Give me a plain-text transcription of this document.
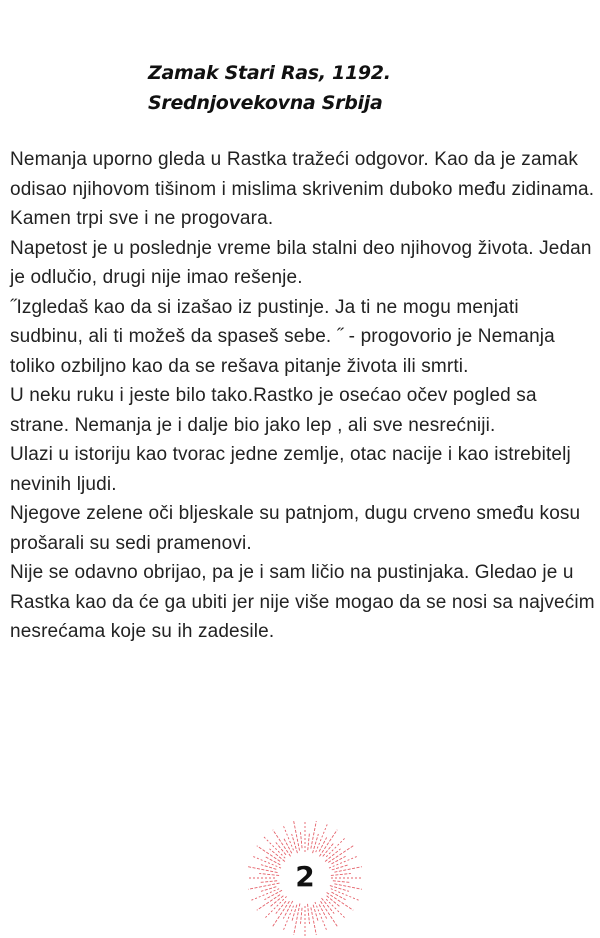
Zamak Stari Ras, 1192.
Srednjovekovna Srbija

Nemanja uporno gleda u Rastka tražeći odgovor. Kao da je zamak odisao njihovom tišinom i mislima skrivenim duboko među zidinama.

Kamen trpi sve i ne progovara.

Napetost je u poslednje vreme bila stalni deo njihovog života. Jedan je odlučio, drugi nije imao rešenje.

˝Izgledaš kao da si izašao iz pustinje. Ja ti ne mogu menjati sudbinu, ali ti možeš da spaseš sebe. ˝ - progovorio je Nemanja toliko ozbiljno kao da se rešava pitanje života ili smrti.

U neku ruku i jeste bilo tako.Rastko je osećao očev pogled sa strane. Nemanja je i dalje bio jako lep , ali sve nesrećniji.

Ulazi u istoriju kao tvorac jedne zemlje, otac nacije i kao istrebitelj nevinih ljudi.

Njegove zelene oči bljeskale su patnjom, dugu crveno smeđu kosu prošarali su sedi pramenovi.

Nije se odavno obrijao, pa je i sam ličio na pustinjaka. Gledao je u Rastka kao da će ga ubiti jer nije više mogao da se nosi sa najvećim nesrećama koje su ih zadesile.

2
